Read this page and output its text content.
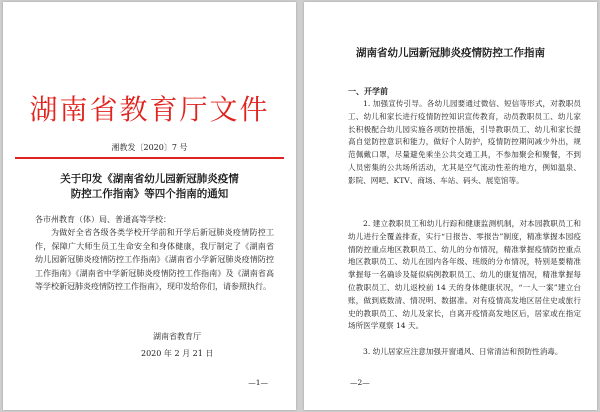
湖南省教育厅文件
湘教发〔2020〕7 号
关于印发《湖南省幼儿园新冠肺炎疫情防控工作指南》等四个指南的通知
各市州教育（体）局、普通高等学校：

为做好全省各级各类学校开学前和开学后新冠肺炎疫情防控工作，保障广大师生员工生命安全和身体健康，我厅制定了《湖南省幼儿园新冠肺炎疫情防控工作指南》《湖南省小学新冠肺炎疫情防控工作指南》《湖南省中学新冠肺炎疫情防控工作指南》及《湖南省高等学校新冠肺炎疫情防控工作指南》，现印发给你们，请参照执行。

湖南省教育厅
2020 年 2 月 21 日
—1—
湖南省幼儿园新冠肺炎疫情防控工作指南
一、开学前

1. 加强宣传引导。各幼儿园要通过微信、短信等形式，对教职员工、幼儿和家长进行疫情防控知识宣传教育，动员教职员工、幼儿家长积极配合幼儿园实施各项防控措施，引导教职员工、幼儿和家长提高自觉防控意识和能力，做好个人防护，疫情防控期间减少外出，规范佩戴口罩，尽量避免乘坐公共交通工具，不参加聚会和聚餐，不到人员密集的公共场所活动，尤其是空气流动性差的地方，例如温泉、影院、网吧、KTV、商场、车站、码头、展览馆等。

2. 建立教职员工和幼儿行踪和健康监测机制，对本园教职员工和幼儿进行全覆盖排查，实行“日报告、零报告”制度，精准掌握本园疫情防控重点地区教职员工、幼儿的分布情况，精准掌握疫情防控重点地区教职员工、幼儿在园内各年级、班级的分布情况，特别是要精准掌握每一名确诊及疑似病例教职员工、幼儿的康复情况，精准掌握每位教职员工、幼儿返校前 14 天的身体健康状况，“一人一案”建立台账，做到底数清、情况明、数据准。对有疫情高发地区居住史或旅行史的教职员工、幼儿及家长，自离开疫情高发地区后，居家或在指定场所医学观察 14 天。

3. 幼儿居家应注意加强开窗通风、日常清洁和预防性消毒。

—2—
